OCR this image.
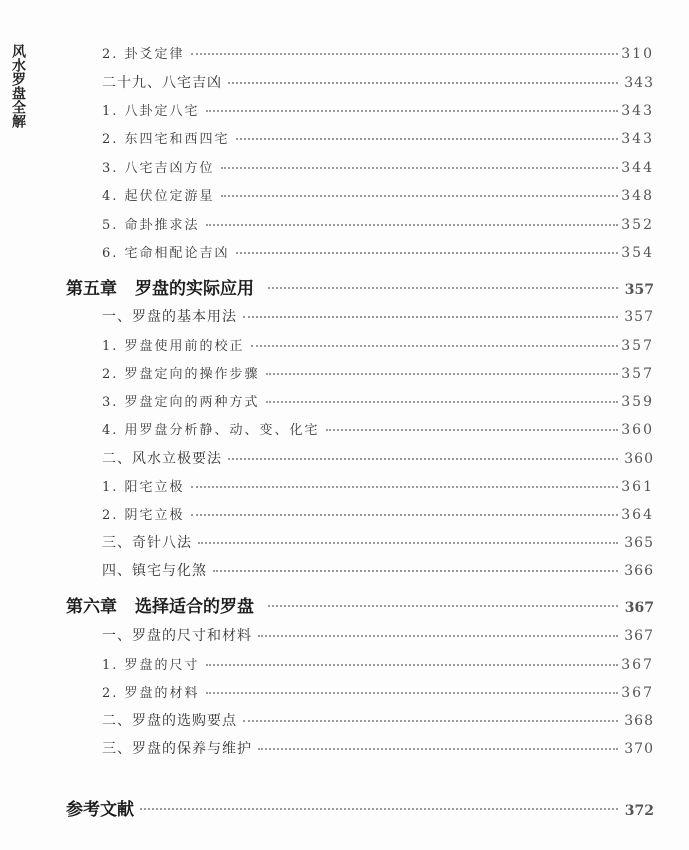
风水罗盘全解	2. 卦爻定律	310
二十九、八宅吉凶	343
1. 八卦定八宅	343
2. 东四宅和西四宅	343
3. 八宅吉凶方位	344
4. 起伏位定游星	348
5. 命卦推求法	352
6. 宅命相配论吉凶	354
第五章 罗盘的实际应用	357
一、罗盘的基本用法	357
1. 罗盘使用前的校正	357
2. 罗盘定向的操作步骤	357
3. 罗盘定向的两种方式	359
4. 用罗盘分析静、动、变、化宅	360
二、风水立极要法	360
1. 阳宅立极	361
2. 阴宅立极	364
三、奇针八法	365
四、镇宅与化煞	366
第六章 选择适合的罗盘	367
一、罗盘的尺寸和材料	367
1. 罗盘的尺寸	367
2. 罗盘的材料	367
二、罗盘的选购要点	368
三、罗盘的保养与维护	370
参考文献	372
